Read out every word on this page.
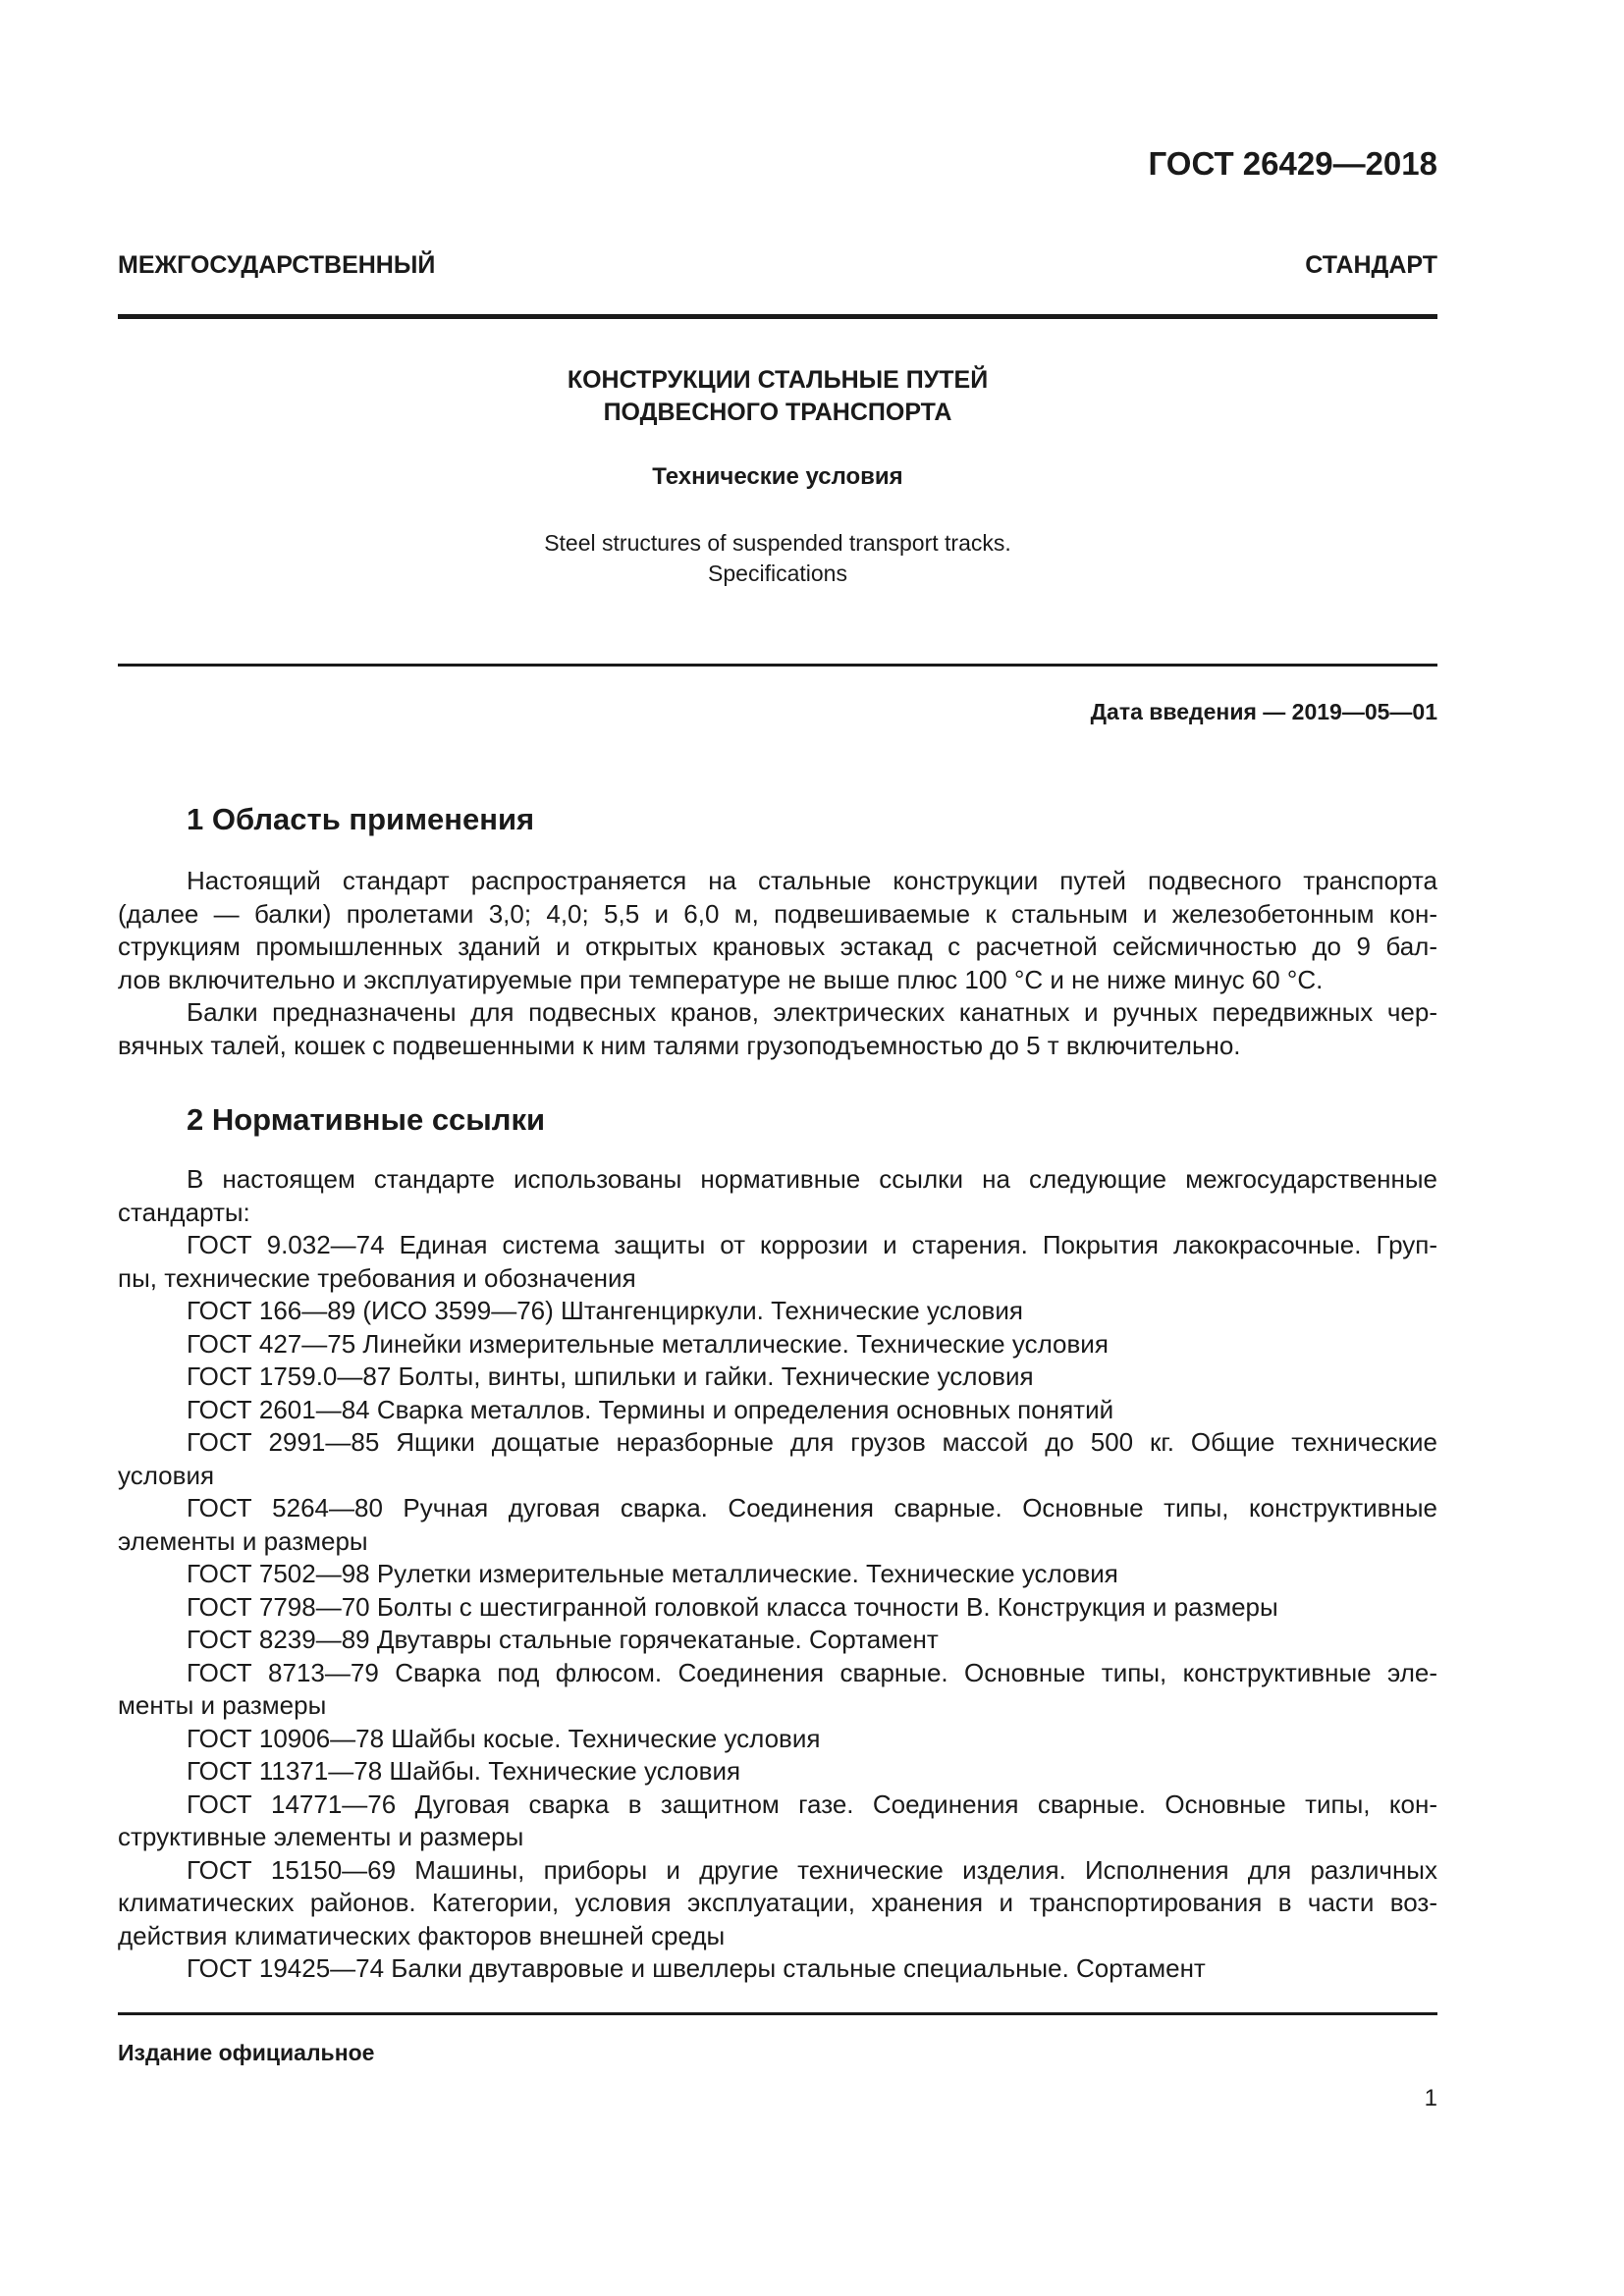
ГОСТ 26429—2018
МЕЖГОСУДАРСТВЕННЫЙ	СТАНДАРТ
КОНСТРУКЦИИ СТАЛЬНЫЕ ПУТЕЙ
ПОДВЕСНОГО ТРАНСПОРТА
Технические условия
Steel structures of suspended transport tracks.
Specifications
Дата введения — 2019—05—01
1 Область применения
Настоящий стандарт распространяется на стальные конструкции путей подвесного транспорта
(далее — балки) пролетами 3,0; 4,0; 5,5 и 6,0 м, подвешиваемые к стальным и железобетонным кон-
струкциям промышленных зданий и открытых крановых эстакад с расчетной сейсмичностью до 9 бал-
лов включительно и эксплуатируемые при температуре не выше плюс 100 °С и не ниже минус 60 °С.
Балки предназначены для подвесных кранов, электрических канатных и ручных передвижных чер-
вячных талей, кошек с подвешенными к ним талями грузоподъемностью до 5 т включительно.
2 Нормативные ссылки
В настоящем стандарте использованы нормативные ссылки на следующие межгосударственные
стандарты:
ГОСТ 9.032—74 Единая система защиты от коррозии и старения. Покрытия лакокрасочные. Груп-
пы, технические требования и обозначения
ГОСТ 166—89 (ИСО 3599—76) Штангенциркули. Технические условия
ГОСТ 427—75 Линейки измерительные металлические. Технические условия
ГОСТ 1759.0—87 Болты, винты, шпильки и гайки. Технические условия
ГОСТ 2601—84 Сварка металлов. Термины и определения основных понятий
ГОСТ 2991—85 Ящики дощатые неразборные для грузов массой до 500 кг. Общие технические
условия
ГОСТ 5264—80 Ручная дуговая сварка. Соединения сварные. Основные типы, конструктивные
элементы и размеры
ГОСТ 7502—98 Рулетки измерительные металлические. Технические условия
ГОСТ 7798—70 Болты с шестигранной головкой класса точности В. Конструкция и размеры
ГОСТ 8239—89 Двутавры стальные горячекатаные. Сортамент
ГОСТ 8713—79 Сварка под флюсом. Соединения сварные. Основные типы, конструктивные эле-
менты и размеры
ГОСТ 10906—78 Шайбы косые. Технические условия
ГОСТ 11371—78 Шайбы. Технические условия
ГОСТ 14771—76 Дуговая сварка в защитном газе. Соединения сварные. Основные типы, кон-
структивные элементы и размеры
ГОСТ 15150—69 Машины, приборы и другие технические изделия. Исполнения для различных
климатических районов. Категории, условия эксплуатации, хранения и транспортирования в части воз-
действия климатических факторов внешней среды
ГОСТ 19425—74 Балки двутавровые и швеллеры стальные специальные. Сортамент
Издание официальное
1
